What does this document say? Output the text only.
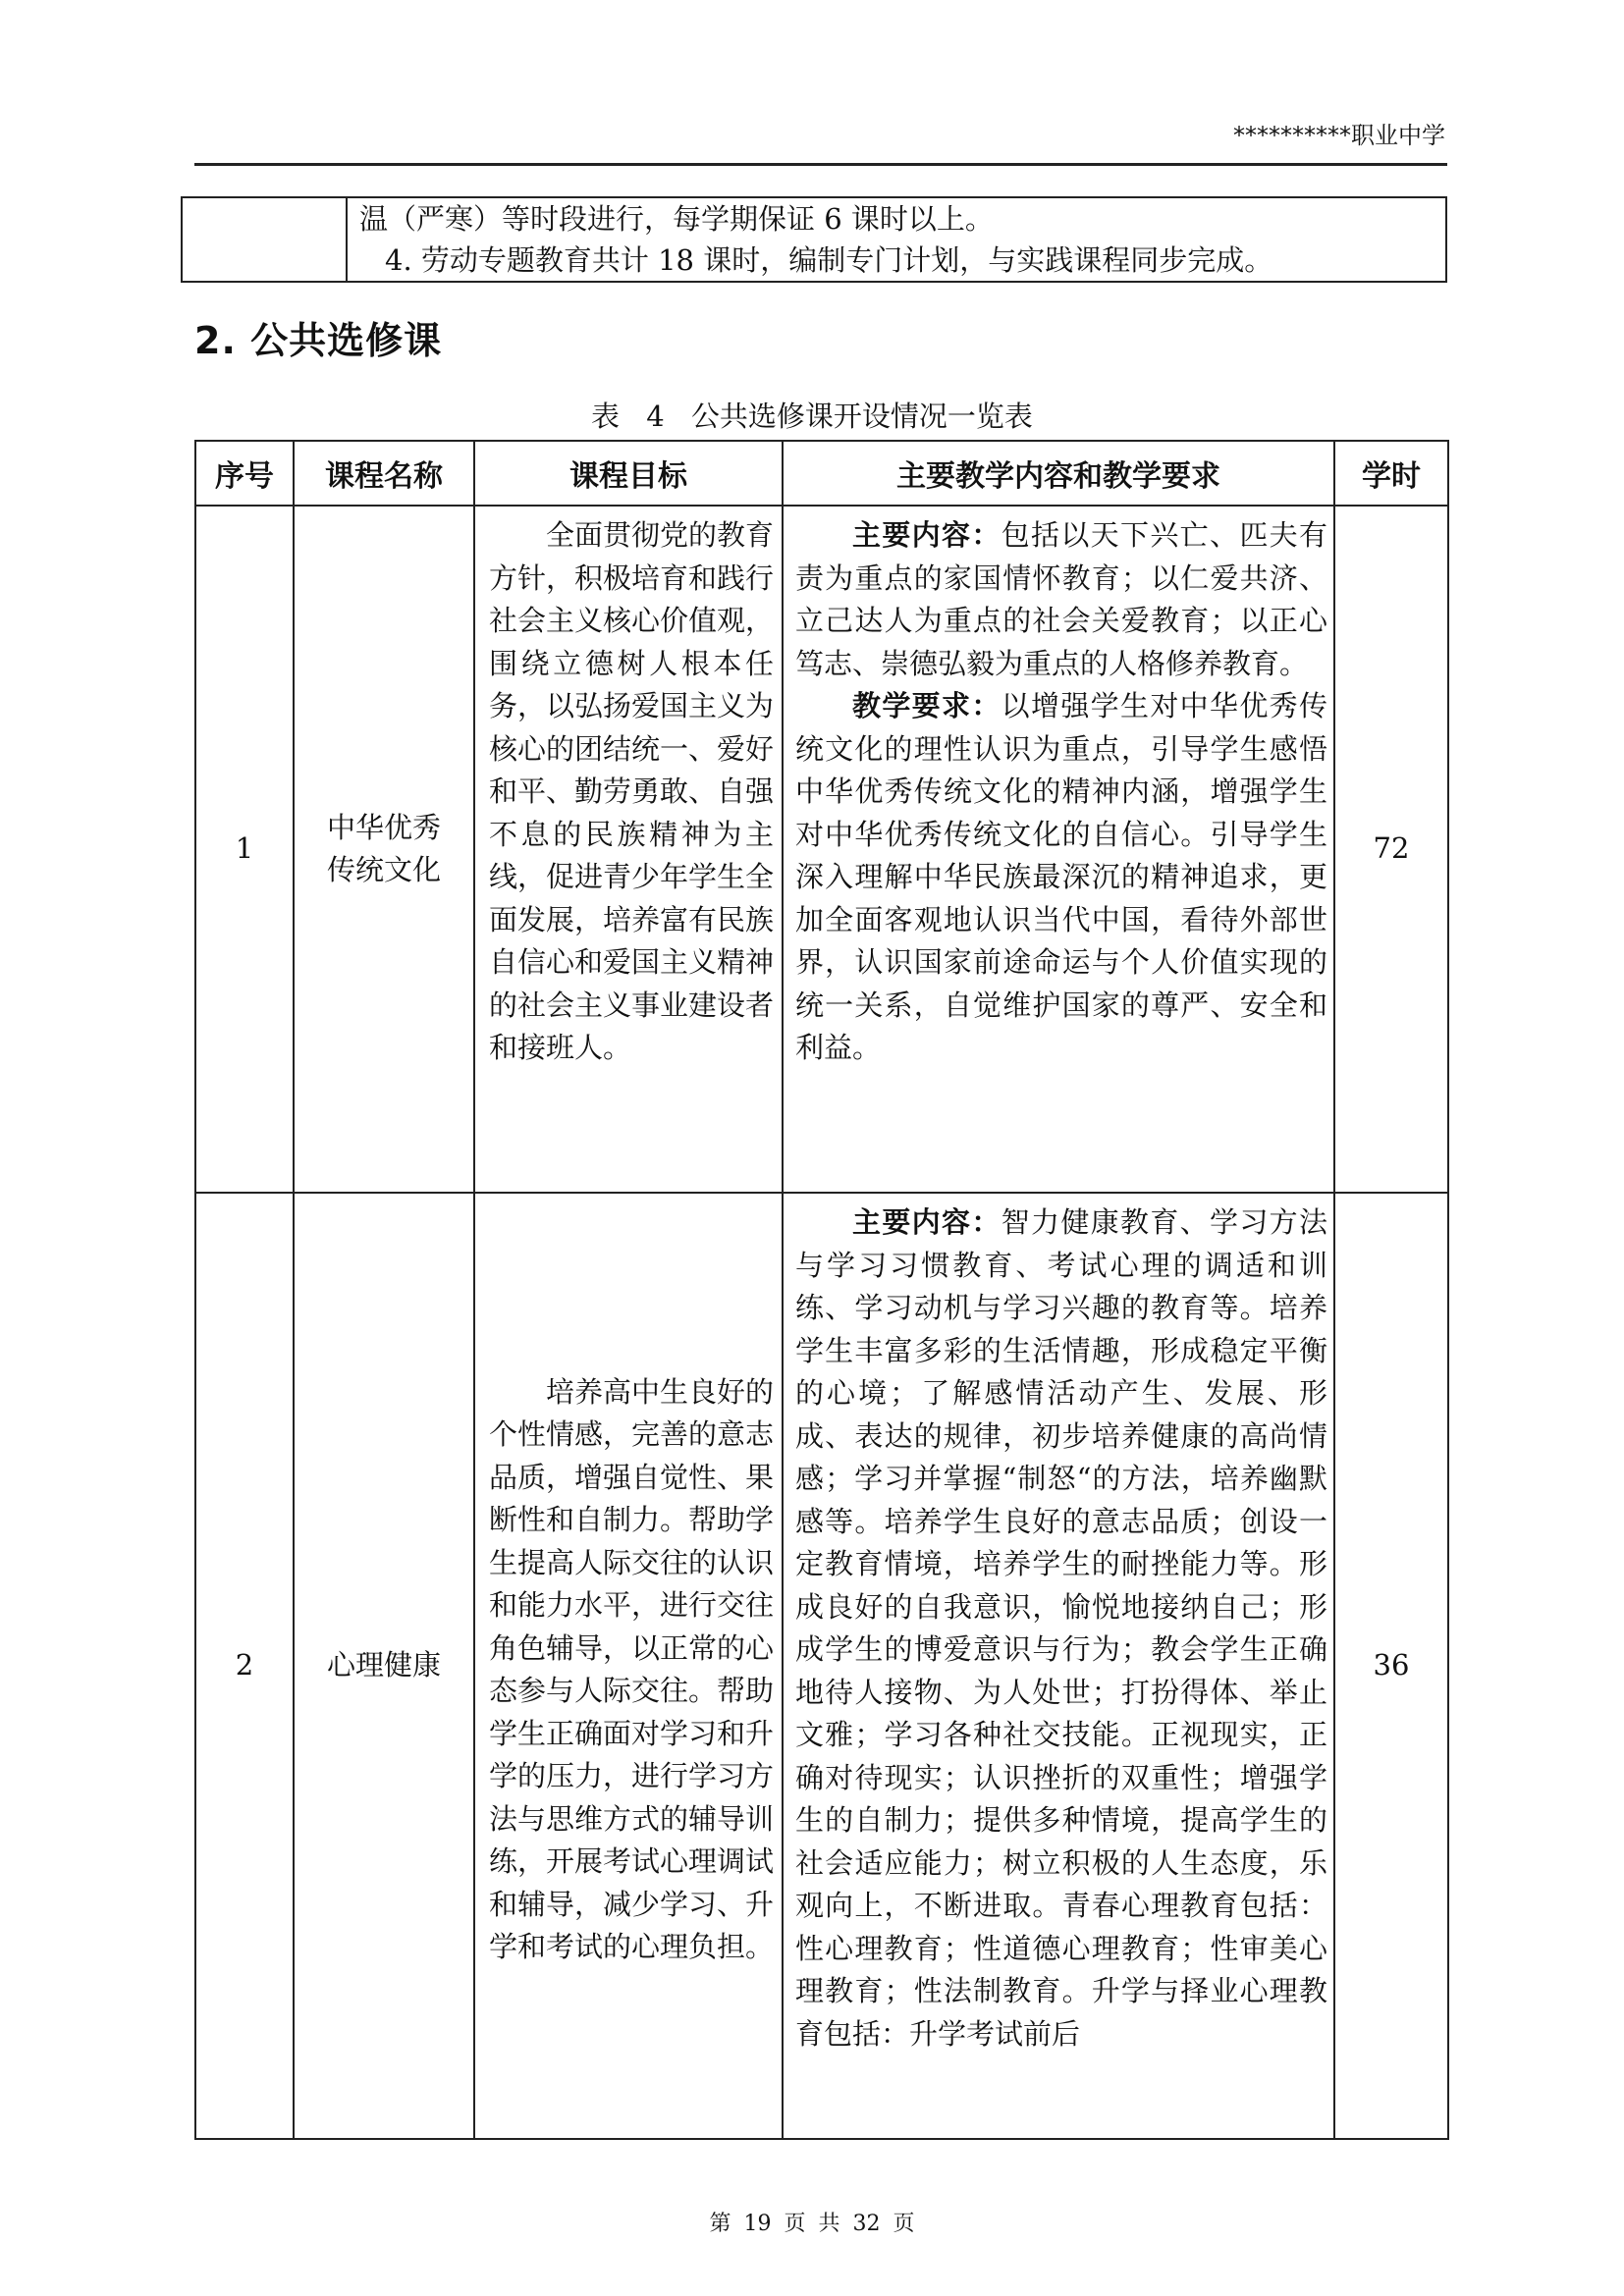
**********职业中学

温（严寒）等时段进行，每学期保证 6 课时以上。
4. 劳动专题教育共计 18 课时，编制专门计划，与实践课程同步完成。
2. 公共选修课
表 4 公共选修课开设情况一览表
序号	课程名称	课程目标	主要教学内容和教学要求	学时
1	中华优秀传统文化	全面贯彻党的教育方针，积极培育和践行社会主义核心价值观，围绕立德树人根本任务，以弘扬爱国主义为核心的团结统一、爱好和平、勤劳勇敢、自强不息的民族精神为主线，促进青少年学生全面发展，培养富有民族自信心和爱国主义精神的社会主义事业建设者和接班人。	主要内容：包括以天下兴亡、匹夫有责为重点的家国情怀教育；以仁爱共济、立己达人为重点的社会关爱教育；以正心笃志、崇德弘毅为重点的人格修养教育。

教学要求：以增强学生对中华优秀传统文化的理性认识为重点，引导学生感悟中华优秀传统文化的精神内涵，增强学生对中华优秀传统文化的自信心。引导学生深入理解中华民族最深沉的精神追求，更加全面客观地认识当代中国，看待外部世界，认识国家前途命运与个人价值实现的统一关系，自觉维护国家的尊严、安全和利益。	72
2	心理健康	培养高中生良好的个性情感，完善的意志品质，增强自觉性、果断性和自制力。帮助学生提高人际交往的认识和能力水平，进行交往角色辅导，以正常的心态参与人际交往。帮助学生正确面对学习和升学的压力，进行学习方法与思维方式的辅导训练，开展考试心理调试和辅导，减少学习、升学和考试的心理负担。	主要内容：智力健康教育、学习方法与学习习惯教育、考试心理的调适和训练、学习动机与学习兴趣的教育等。培养学生丰富多彩的生活情趣，形成稳定平衡的心境；了解感情活动产生、发展、形成、表达的规律，初步培养健康的高尚情感；学习并掌握“制怒“的方法，培养幽默感等。培养学生良好的意志品质；创设一定教育情境，培养学生的耐挫能力等。形成良好的自我意识，愉悦地接纳自己；形成学生的博爱意识与行为；教会学生正确地待人接物、为人处世；打扮得体、举止文雅；学习各种社交技能。正视现实，正确对待现实；认识挫折的双重性；增强学生的自制力；提供多种情境，提高学生的社会适应能力；树立积极的人生态度，乐观向上，不断进取。青春心理教育包括：性心理教育；性道德心理教育；性审美心理教育；性法制教育。升学与择业心理教育包括：升学考试前后	36
第 19 页 共 32 页
